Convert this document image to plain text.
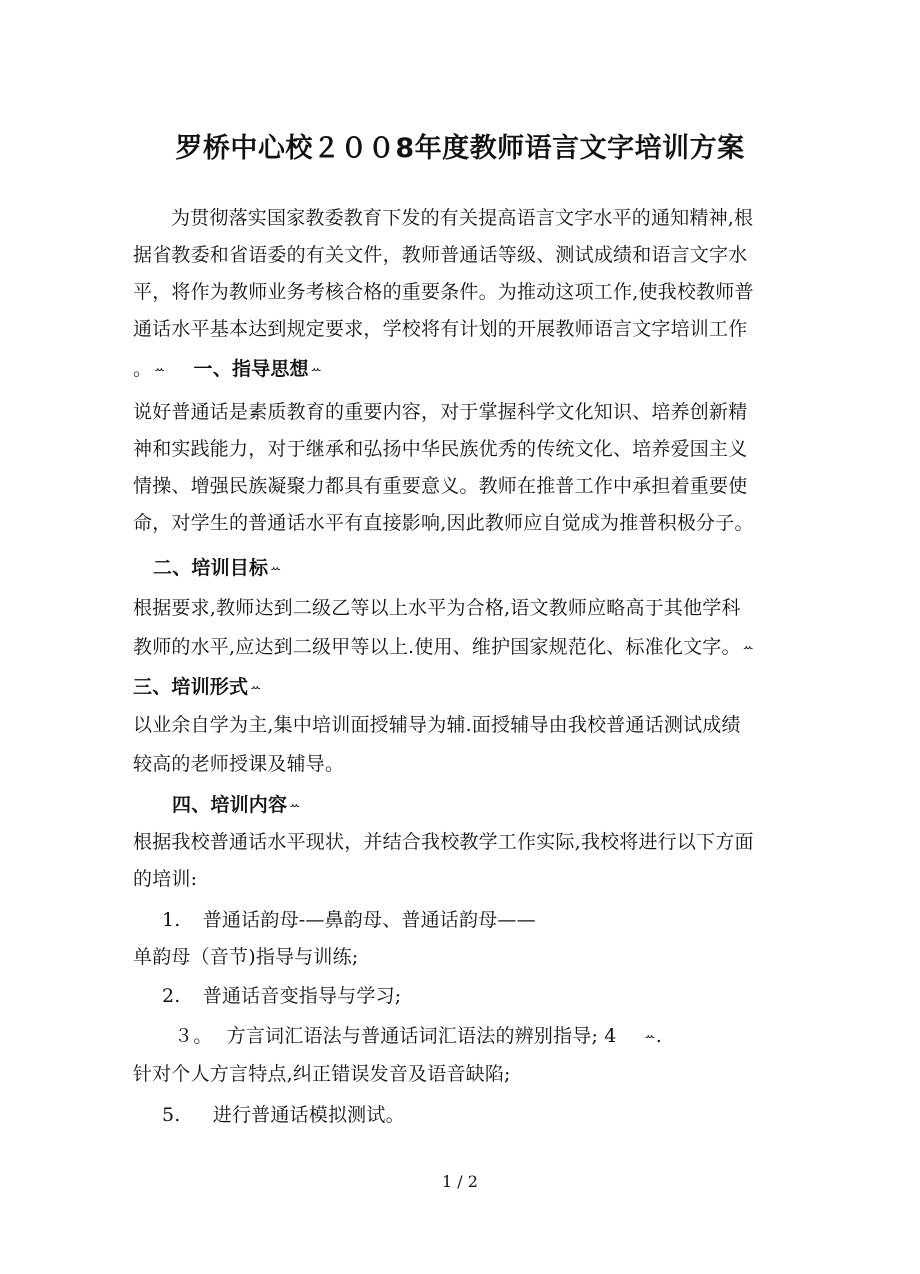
罗桥中心校２００8年度教师语言文字培训方案
为贯彻落实国家教委教育下发的有关提高语言文字水平的通知精神,根
据省教委和省语委的有关文件，教师普通话等级、测试成绩和语言文字水
平，将作为教师业务考核合格的重要条件。为推动这项工作,使我校教师普
通话水平基本达到规定要求，学校将有计划的开展教师语言文字培训工作
。 ꕀ 一、指导思想 ꕀ
说好普通话是素质教育的重要内容，对于掌握科学文化知识、培养创新精
神和实践能力，对于继承和弘扬中华民族优秀的传统文化、培养爱国主义
情操、增强民族凝聚力都具有重要意义。教师在推普工作中承担着重要使
命，对学生的普通话水平有直接影响,因此教师应自觉成为推普积极分子。
二、培训目标 ꕀ
根据要求,教师达到二级乙等以上水平为合格,语文教师应略高于其他学科
教师的水平,应达到二级甲等以上.使用、维护国家规范化、标准化文字。 ꕀ
三、培训形式 ꕀ
以业余自学为主,集中培训面授辅导为辅.面授辅导由我校普通话测试成绩
较高的老师授课及辅导。
四、培训内容 ꕀ
根据我校普通话水平现状，并结合我校教学工作实际,我校将进行以下方面
的培训:
1. 普通话韵母-—鼻韵母、普通话韵母——
单韵母（音节)指导与训练;
2. 普通话音变指导与学习;
３。 方言词汇语法与普通话词汇语法的辨别指导; 4 ꕀ.
针对个人方言特点,纠正错误发音及语音缺陷;
5. 进行普通话模拟测试。
1 / 2
